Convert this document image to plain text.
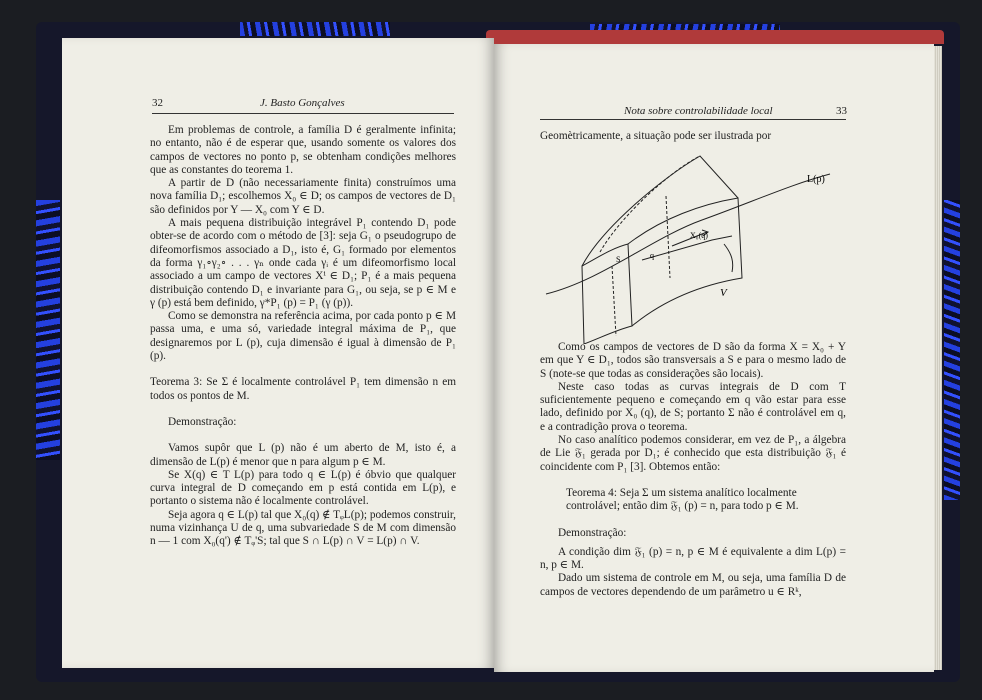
32	J. Basto Gonçalves

Em problemas de controle, a família D é geralmente infinita; no entanto, não é de esperar que, usando somente os valores dos campos de vectores no ponto p, se obtenham condições melhores que as constantes do teorema 1.

A partir de D (não necessariamente finita) construímos uma nova família D₁; escolhemos X₀ ∈ D; os campos de vectores de D₁ são definidos por Y — X₀ com Y ∈ D.

A mais pequena distribuição integrável P₁ contendo D₁ pode obter-se de acordo com o método de [3]: seja G₁ o pseudogrupo de difeomorfismos associado a D₁, isto é, G₁ formado por elementos da forma γ₁∘γ₂∘ . . . γₙ onde cada γᵢ é um difeomorfismo local associado a um campo de vectores Xⁱ ∈ D₁; P₁ é a mais pequena distribuição contendo D₁ e invariante para G₁, ou seja, se p ∈ M e γ (p) está bem definido, γ*P₁ (p) = P₁ (γ (p)).

Como se demonstra na referência acima, por cada ponto p ∈ M passa uma, e uma só, variedade integral máxima de P₁, que designaremos por L (p), cuja dimensão é igual à dimensão de P₁ (p).

Teorema 3: Se Σ é localmente controlável P₁ tem dimensão n em todos os pontos de M.

Demonstração:

Vamos supôr que L (p) não é um aberto de M, isto é, a dimensão de L(p) é menor que n para algum p ∈ M.

Se X(q) ∈ T L(p) para todo q ∈ L(p) é óbvio que qualquer curva integral de D começando em p está contida em L(p), e portanto o sistema não é localmente controlável.

Seja agora q ∈ L(p) tal que X₀(q) ∉ TᵩL(p); podemos construir, numa vizinhança U de q, uma subvariedade S de M com dimensão n — 1 com X₀(q') ∉ Tᵩ'S; tal que S ∩ L(p) ∩ V = L(p) ∩ V.

Nota sobre controlabilidade local	33
Geomètricamente, a situação pode ser ilustrada por
L(p)
V
X₀(q)
q
S

Como os campos de vectores de D são da forma X = X₀ + Y em que Y ∈ D₁, todos são transversais a S e para o mesmo lado de S (note-se que todas as considerações são locais).

Neste caso todas as curvas integrais de D com T suficientemente pequeno e começando em q vão estar para esse lado, definido por X₀ (q), de S; portanto Σ não é controlável em q, e a contradição prova o teorema.

No caso analítico podemos considerar, em vez de P₁, a álgebra de Lie 𝔉₁ gerada por D₁; é conhecido que esta distribuição 𝔉₁ é coincidente com P₁ [3]. Obtemos então:

Teorema 4: Seja Σ um sistema analítico localmente controlável; então dim 𝔉₁ (p) = n, para todo p ∈ M.

Demonstração:

A condição dim 𝔉₁ (p) = n, p ∈ M é equivalente a dim L(p) = n, p ∈ M.

Dado um sistema de controle em M, ou seja, uma família D de campos de vectores dependendo de um parâmetro u ∈ Rᵏ,
